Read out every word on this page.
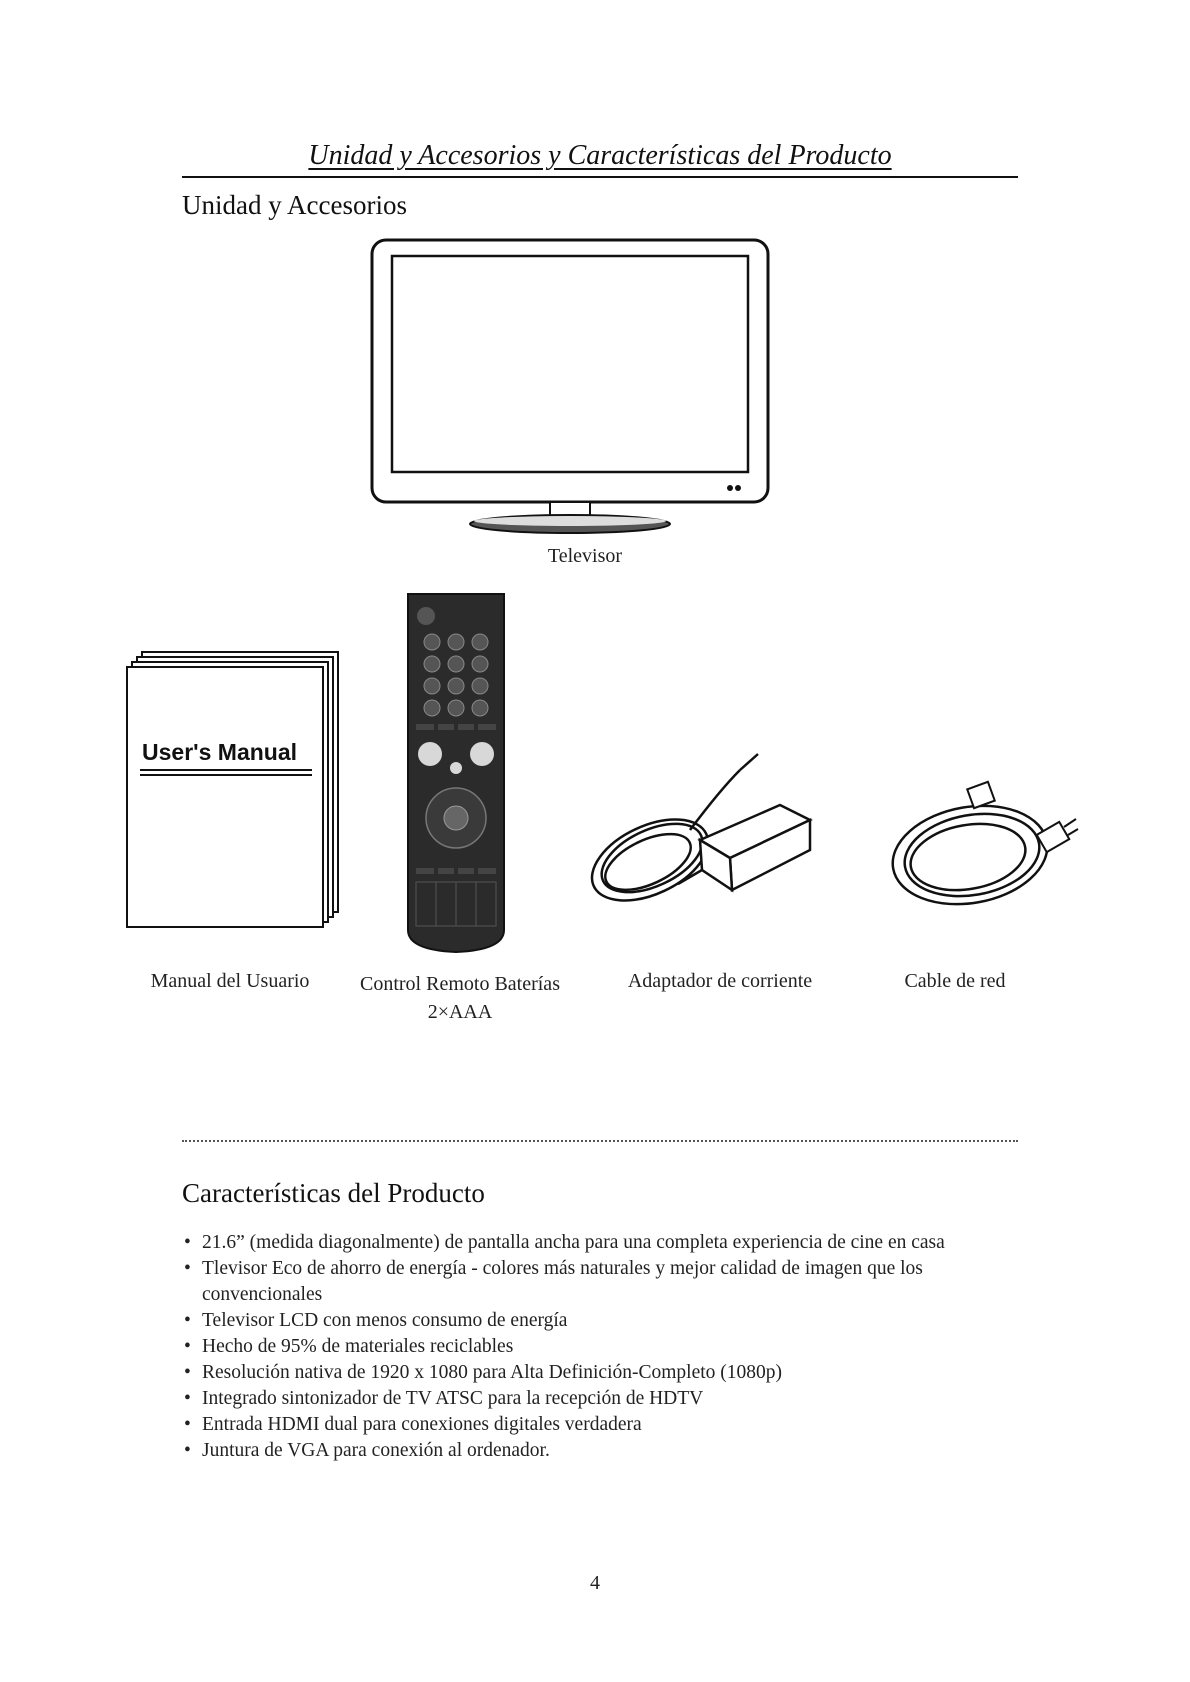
Unidad y Accesorios y Características del Producto
Unidad y Accesorios
Televisor
User's Manual
Manual del Usuario	Control Remoto Baterías
2×AAA
Adaptador de corriente	Cable de red
Características del Producto
• 21.6” (medida diagonalmente) de pantalla ancha para una completa experiencia de cine en casa
• Tlevisor Eco de ahorro de energía - colores más naturales y mejor calidad de imagen que los convencionales
• Televisor LCD con menos consumo de energía
• Hecho de 95% de materiales reciclables
• Resolución nativa de 1920 x 1080 para Alta Definición-Completo (1080p)
• Integrado sintonizador de TV ATSC para la recepción de HDTV
• Entrada HDMI dual para conexiones digitales verdadera
• Juntura de VGA para conexión al ordenador.
4
